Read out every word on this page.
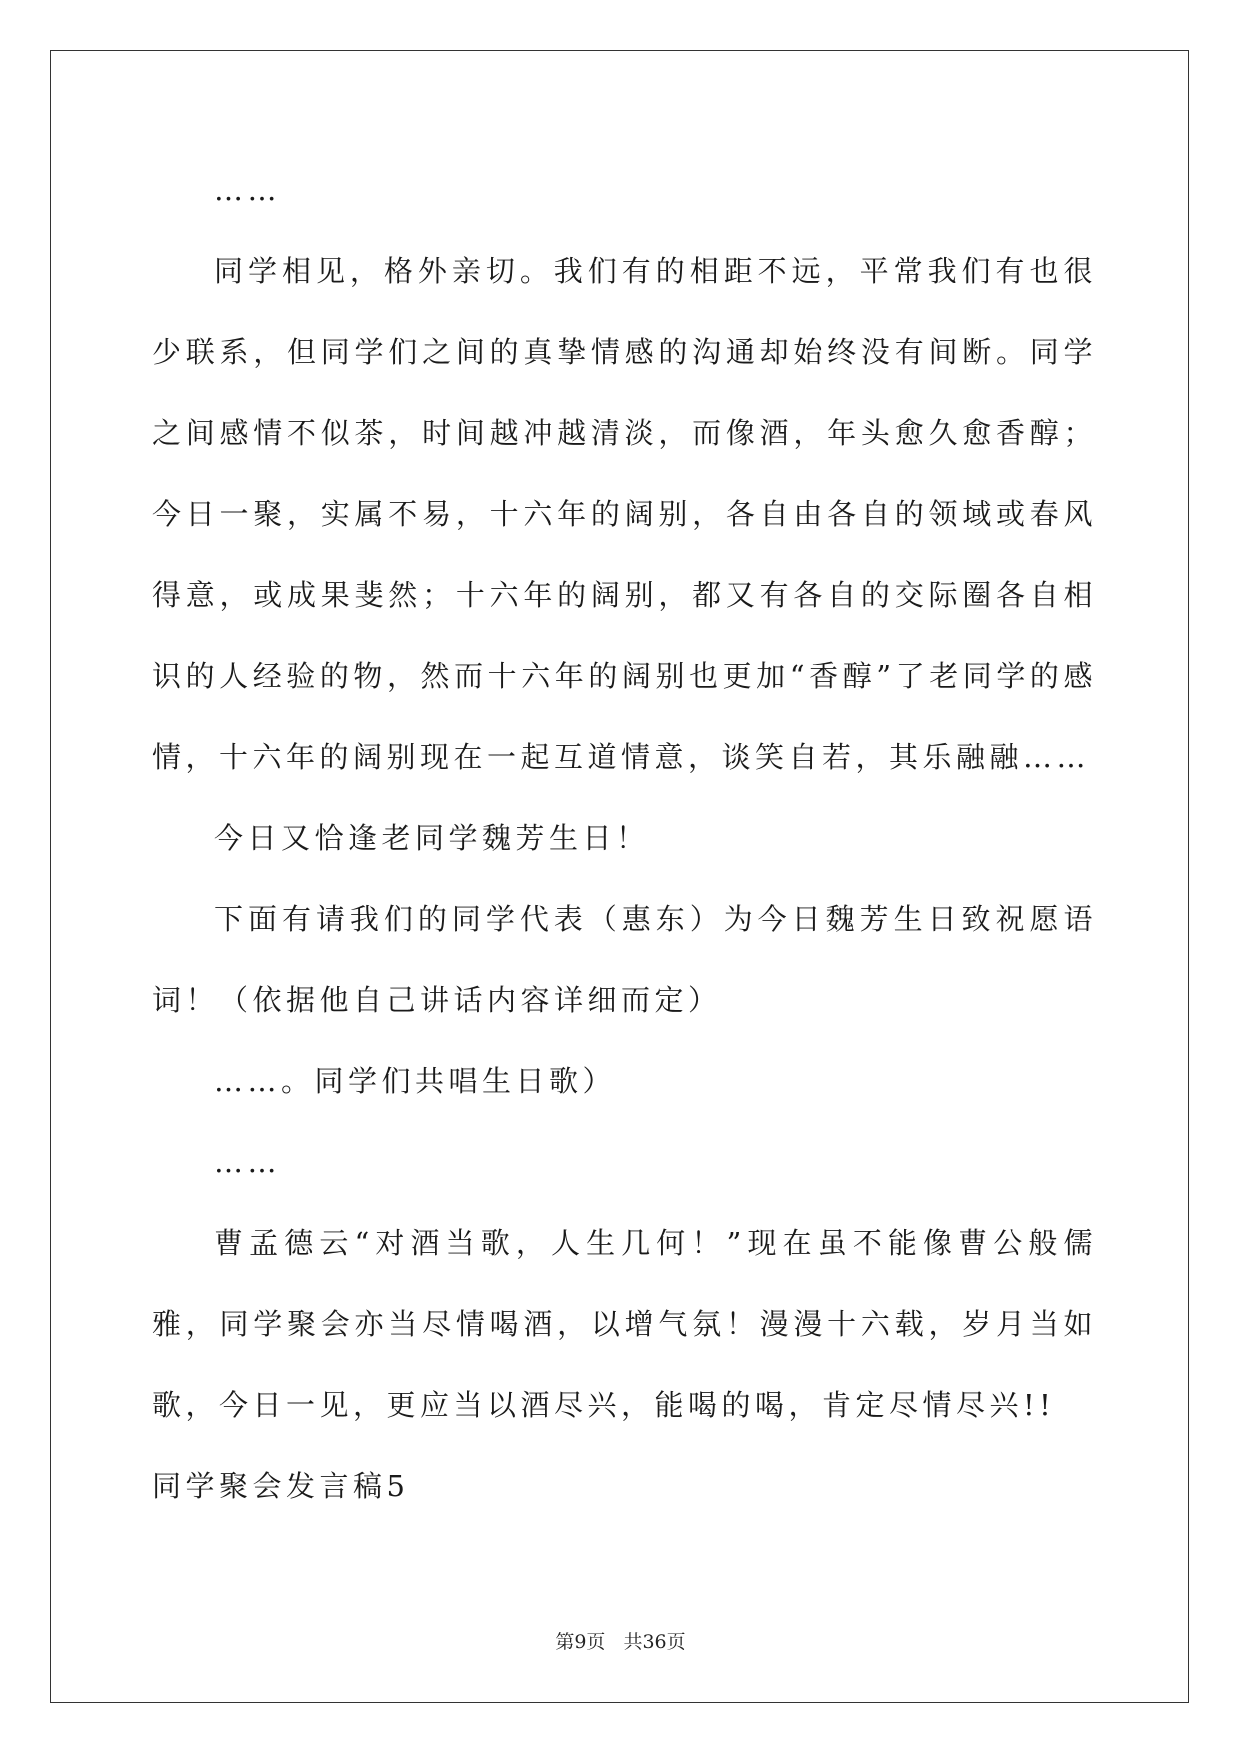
……

同学相见，格外亲切。我们有的相距不远，平常我们有也很少联系，但同学们之间的真挚情感的沟通却始终没有间断。同学之间感情不似茶，时间越冲越清淡，而像酒，年头愈久愈香醇；今日一聚，实属不易，十六年的阔别，各自由各自的领域或春风得意，或成果斐然；十六年的阔别，都又有各自的交际圈各自相识的人经验的物，然而十六年的阔别也更加“香醇”了老同学的感情，十六年的阔别现在一起互道情意，谈笑自若，其乐融融……

今日又恰逢老同学魏芳生日！

下面有请我们的同学代表（惠东）为今日魏芳生日致祝愿语词！（依据他自己讲话内容详细而定）

……。同学们共唱生日歌）

……

曹孟德云“对酒当歌，人生几何！”现在虽不能像曹公般儒雅，同学聚会亦当尽情喝酒，以增气氛！漫漫十六载，岁月当如歌，今日一见，更应当以酒尽兴，能喝的喝，肯定尽情尽兴!!

同学聚会发言稿5

第9页 共36页
